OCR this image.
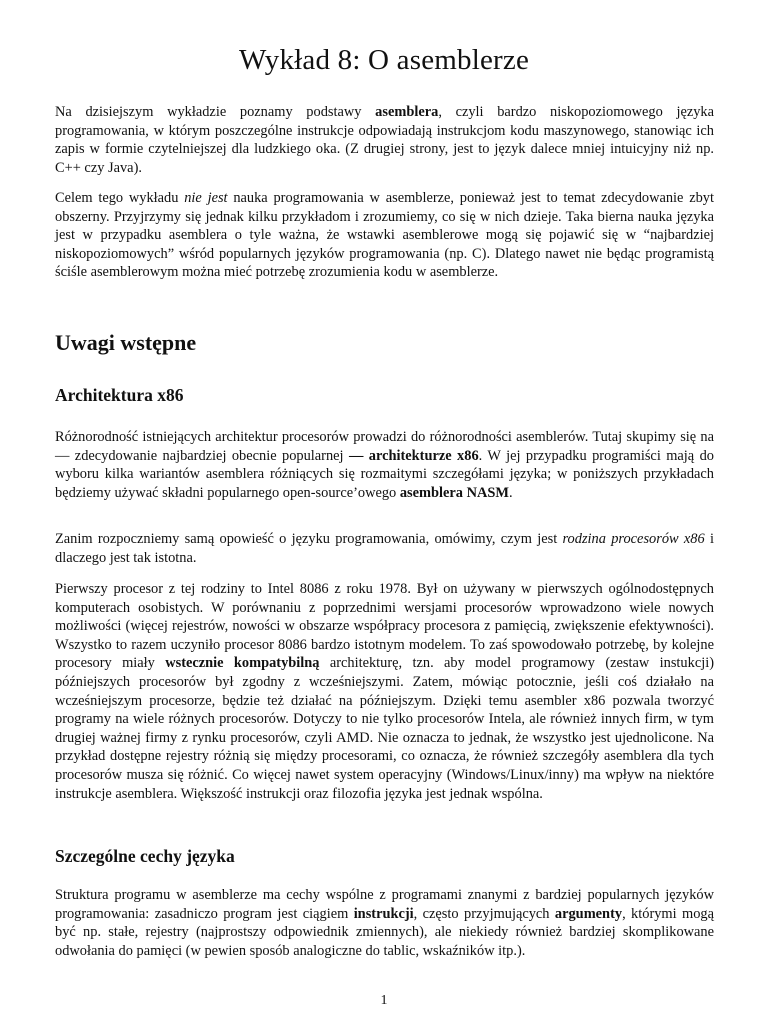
Wykład 8: O asemblerze

Na dzisiejszym wykładzie poznamy podstawy asemblera, czyli bardzo niskopoziomowego języka programowania, w którym poszczególne instrukcje odpowiadają instrukcjom kodu maszynowego, stanowiąc ich zapis w formie czytelniejszej dla ludzkiego oka. (Z drugiej strony, jest to język dalece mniej intuicyjny niż np. C++ czy Java).

Celem tego wykładu nie jest nauka programowania w asemblerze, ponieważ jest to temat zdecydowanie zbyt obszerny. Przyjrzymy się jednak kilku przykładom i zrozumiemy, co się w nich dzieje. Taka bierna nauka języka jest w przypadku asemblera o tyle ważna, że wstawki asemblerowe mogą się pojawić się w “najbardziej niskopoziomowych” wśród popularnych języków programowania (np. C). Dlatego nawet nie będąc programistą ściśle asemblerowym można mieć potrzebę zrozumienia kodu w asemblerze.

Uwagi wstępne
Architektura x86

Różnorodność istniejących architektur procesorów prowadzi do różnorodności asemblerów. Tutaj skupimy się na — zdecydowanie najbardziej obecnie popularnej — architekturze x86. W jej przypadku programiści mają do wyboru kilka wariantów asemblera różniących się rozmaitymi szczegółami języka; w poniższych przykładach będziemy używać składni popularnego open-source’owego asemblera NASM.

Zanim rozpoczniemy samą opowieść o języku programowania, omówimy, czym jest rodzina procesorów x86 i dlaczego jest tak istotna.

Pierwszy procesor z tej rodziny to Intel 8086 z roku 1978. Był on używany w pierwszych ogólnodostępnych komputerach osobistych. W porównaniu z poprzednimi wersjami procesorów wprowadzono wiele nowych możliwości (więcej rejestrów, nowości w obszarze współpracy procesora z pamięcią, zwiększenie efektywności). Wszystko to razem uczyniło procesor 8086 bardzo istotnym modelem. To zaś spowodowało potrzebę, by kolejne procesory miały wstecznie kompatybilną architekturę, tzn. aby model programowy (zestaw instukcji) późniejszych procesorów był zgodny z wcześniejszymi. Zatem, mówiąc potocznie, jeśli coś działało na wcześniejszym procesorze, będzie też działać na późniejszym. Dzięki temu asembler x86 pozwala tworzyć programy na wiele różnych procesorów. Dotyczy to nie tylko procesorów Intela, ale również innych firm, w tym drugiej ważnej firmy z rynku procesorów, czyli AMD. Nie oznacza to jednak, że wszystko jest ujednolicone. Na przykład dostępne rejestry różnią się między procesorami, co oznacza, że również szczegóły asemblera dla tych procesorów musza się różnić. Co więcej nawet system operacyjny (Windows/Linux/inny) ma wpływ na niektóre instrukcje asemblera. Większość instrukcji oraz filozofia języka jest jednak wspólna.

Szczególne cechy języka

Struktura programu w asemblerze ma cechy wspólne z programami znanymi z bardziej popularnych języków programowania: zasadniczo program jest ciągiem instrukcji, często przyjmujących argumenty, którymi mogą być np. stałe, rejestry (najprostszy odpowiednik zmiennych), ale niekiedy również bardziej skomplikowane odwołania do pamięci (w pewien sposób analogiczne do tablic, wskaźników itp.).

1
